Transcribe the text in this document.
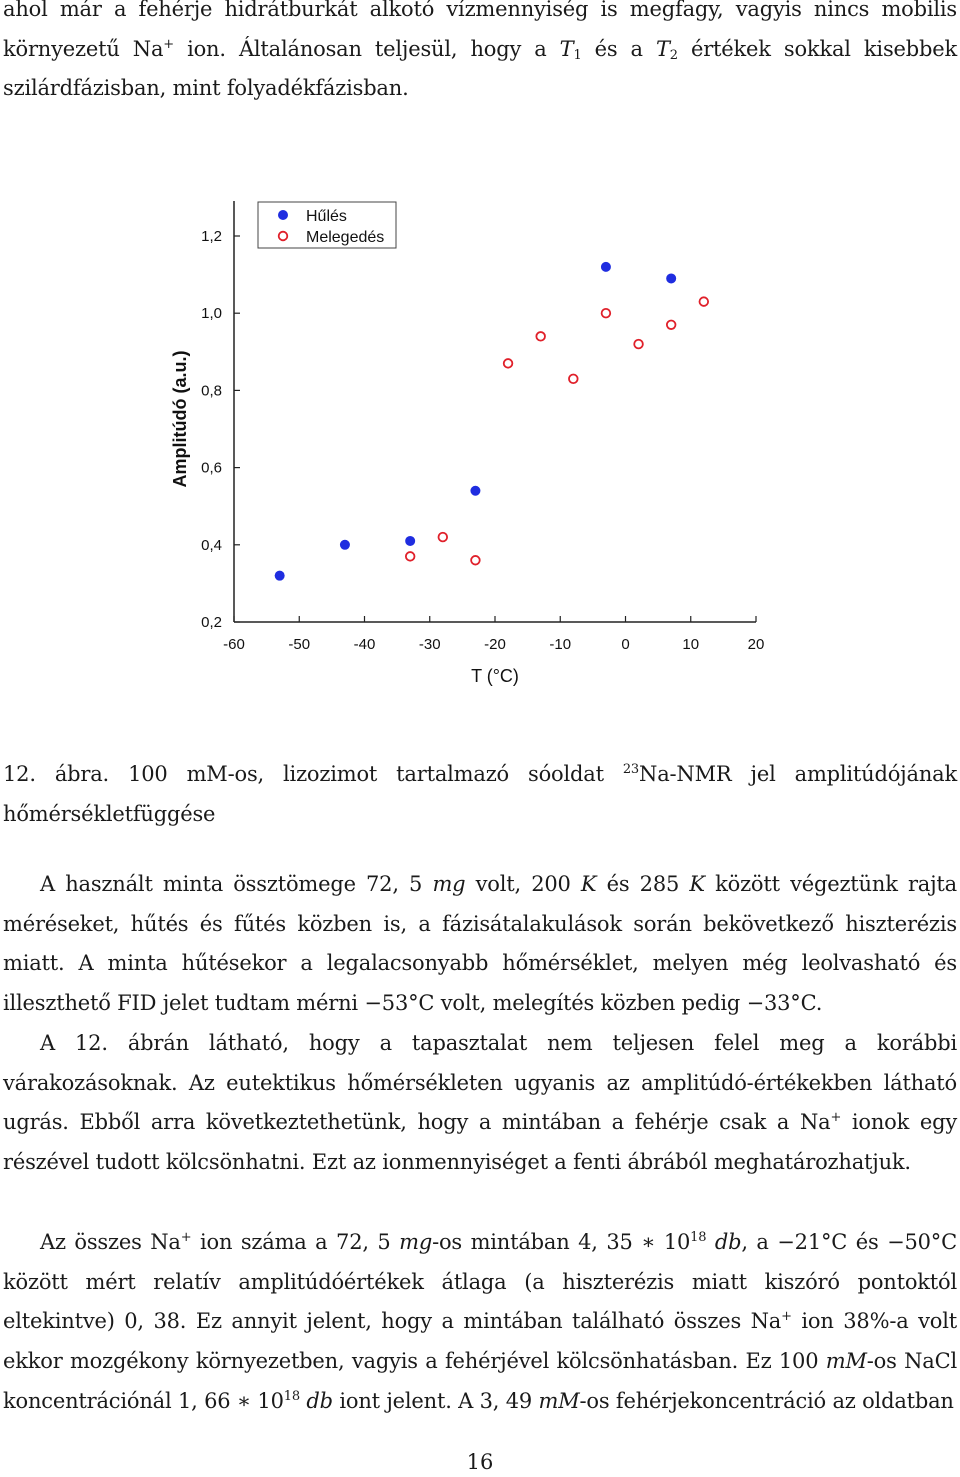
ahol már a fehérje hidrátburkát alkotó vízmennyiség is megfagy, vagyis nincs mobilis környezetű Na+ ion. Általánosan teljesül, hogy a $T_1$ és a $T_2$ értékek sokkal kisebbek szilárdfázisban, mint folyadékfázisban.

-60	-50	-40	-30	-20	-10	0	10	20
0,2
0,4
0,6
0,8
1,0
1,2
T (°C)
Amplitúdó (a.u.)
Hűlés
Melegedés

12. ábra. 100 mM-os, lizozimot tartalmazó sóoldat $^{23}$Na-NMR jel amplitúdójának hőmérsékletfüggése

A használt minta össztömege 72, 5 mg volt, 200 K és 285 K között végeztünk rajta méréseket, hűtés és fűtés közben is, a fázisátalakulások során bekövetkező hiszterézis miatt. A minta hűtésekor a legalacsonyabb hőmérséklet, melyen még leolvasható és illeszthető FID jelet tudtam mérni −53°C volt, melegítés közben pedig −33°C.

A 12. ábrán látható, hogy a tapasztalat nem teljesen felel meg a korábbi várakozásoknak. Az eutektikus hőmérsékleten ugyanis az amplitúdó-értékekben látható ugrás. Ebből arra következtethetünk, hogy a mintában a fehérje csak a Na+ ionok egy részével tudott kölcsönhatni. Ezt az ionmennyiséget a fenti ábrából meghatározhatjuk.

Az összes Na+ ion száma a 72, 5 mg-os mintában 4, 35 ∗ $10^{18}$ db, a −21°C és −50°C között mért relatív amplitúdóértékek átlaga (a hiszterézis miatt kiszóró pontoktól eltekintve) 0, 38. Ez annyit jelent, hogy a mintában található összes Na+ ion 38%-a volt ekkor mozgékony környezetben, vagyis a fehérjével kölcsönhatásban. Ez 100 mM-os NaCl koncentrációnál 1, 66 ∗ $10^{18}$ db iont jelent. A 3, 49 mM-os fehérjekoncentráció az oldatban

16
